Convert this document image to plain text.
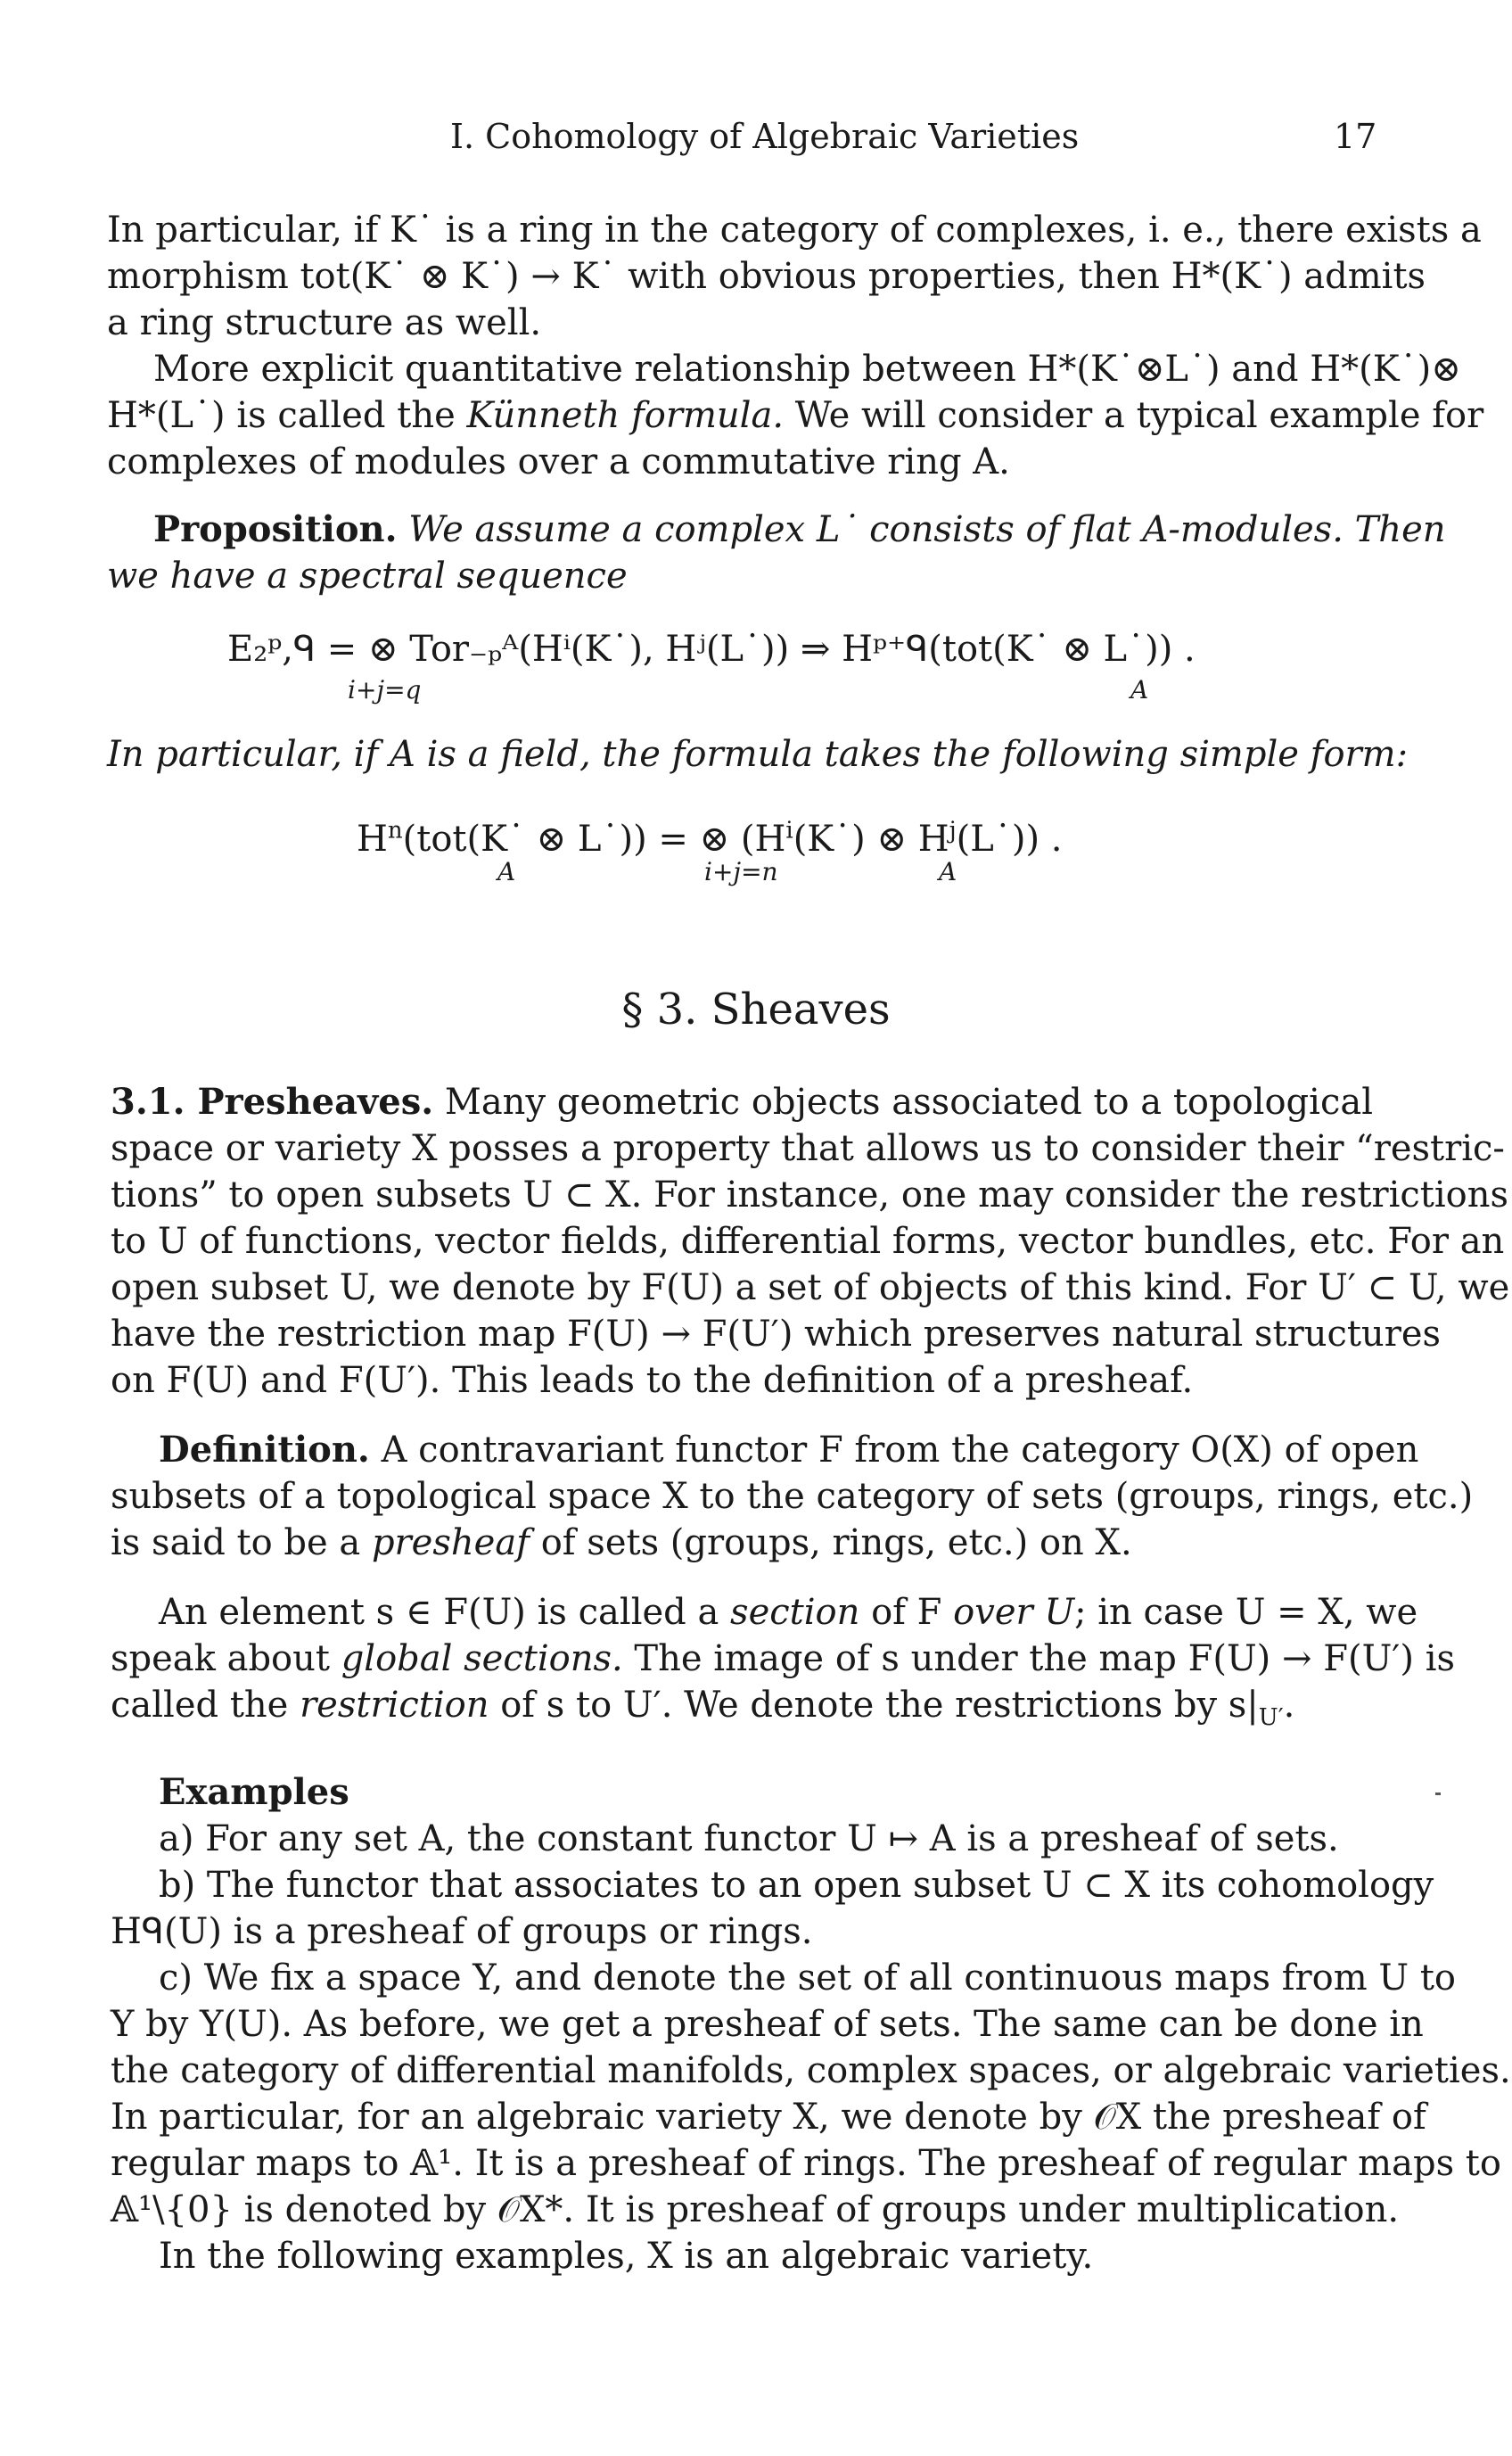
I. Cohomology of Algebraic Varieties	17
In particular, if K˙ is a ring in the category of complexes, i. e., there exists a
morphism tot(K˙ ⊗ K˙) → K˙ with obvious properties, then H*(K˙) admits
a ring structure as well.
More explicit quantitative relationship between H*(K˙⊗L˙) and H*(K˙)⊗
H*(L˙) is called the Künneth formula. We will consider a typical example for
complexes of modules over a commutative ring A.
Proposition. We assume a complex L˙ consists of flat A-modules. Then
we have a spectral sequence
E₂ᵖ,ᑫ = ⊗ Tor₋ₚᴬ(Hⁱ(K˙), Hʲ(L˙)) ⇒ Hᵖ⁺ᑫ(tot(K˙ ⊗ L˙)) .
i+j=q	A
In particular, if A is a field, the formula takes the following simple form:
$H^n(tot(K˙$ ⊗ L˙)) = ⊗ ($H^i(K˙)$ ⊗ $H^j(L˙)$) .
A	i+j=n	A
§ 3. Sheaves
3.1. Presheaves. Many geometric objects associated to a topological
space or variety X posses a property that allows us to consider their “restric-
tions” to open subsets U ⊂ X. For instance, one may consider the restrictions
to U of functions, vector fields, differential forms, vector bundles, etc. For an
open subset U, we denote by F(U) a set of objects of this kind. For U′ ⊂ U, we
have the restriction map F(U) → F(U′) which preserves natural structures
on F(U) and F(U′). This leads to the definition of a presheaf.
Definition. A contravariant functor F from the category O(X) of open
subsets of a topological space X to the category of sets (groups, rings, etc.)
is said to be a presheaf of sets (groups, rings, etc.) on X.
An element s ∈ F(U) is called a section of F over U; in case U = X, we
speak about global sections. The image of s under the map F(U) → F(U′) is
called the restriction of s to U′. We denote the restrictions by $s|_{U'}$.
Examples
a) For any set A, the constant functor U ↦ A is a presheaf of sets.
b) The functor that associates to an open subset U ⊂ X its cohomology
Hᑫ(U) is a presheaf of groups or rings.
c) We fix a space Y, and denote the set of all continuous maps from U to
Y by Y(U). As before, we get a presheaf of sets. The same can be done in
the category of differential manifolds, complex spaces, or algebraic varieties.
In particular, for an algebraic variety X, we denote by 𝒪X the presheaf of
regular maps to 𝔸¹. It is a presheaf of rings. The presheaf of regular maps to
𝔸¹\{0} is denoted by 𝒪X*. It is presheaf of groups under multiplication.
In the following examples, X is an algebraic variety.
